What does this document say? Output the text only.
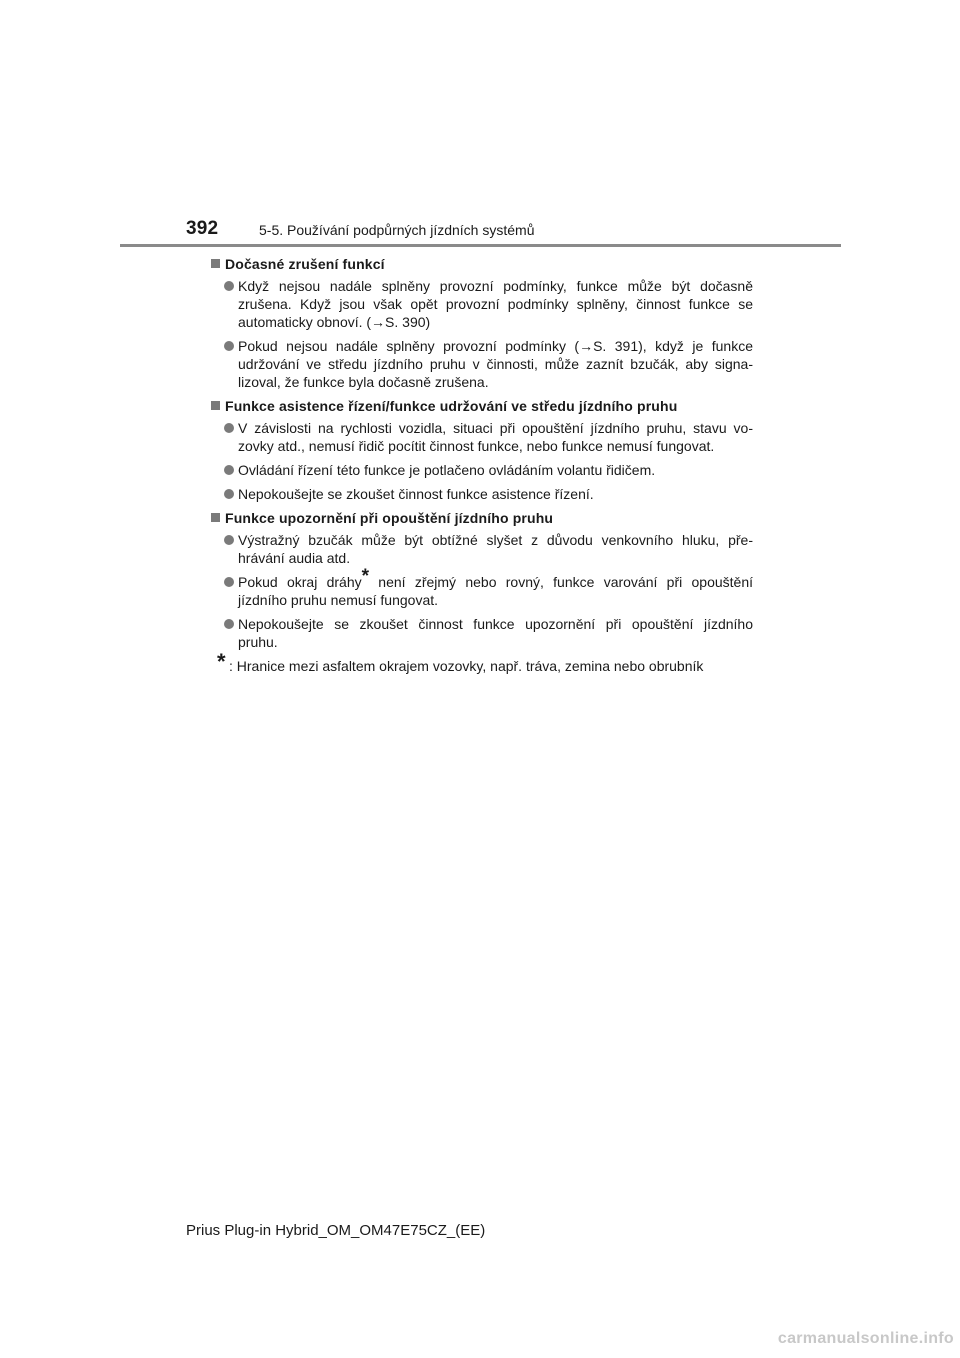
392	5-5. Používání podpůrných jízdních systémů
Dočasné zrušení funkcí
Když nejsou nadále splněny provozní podmínky, funkce může být dočasně
zrušena. Když jsou však opět provozní podmínky splněny, činnost funkce se
automaticky obnoví. (→S. 390)
Pokud nejsou nadále splněny provozní podmínky (→S. 391), když je funkce
udržování ve středu jízdního pruhu v činnosti, může zaznít bzučák, aby signa-
lizoval, že funkce byla dočasně zrušena.
Funkce asistence řízení/funkce udržování ve středu jízdního pruhu
V závislosti na rychlosti vozidla, situaci při opouštění jízdního pruhu, stavu vo-
zovky atd., nemusí řidič pocítit činnost funkce, nebo funkce nemusí fungovat.
Ovládání řízení této funkce je potlačeno ovládáním volantu řidičem.
Nepokoušejte se zkoušet činnost funkce asistence řízení.
Funkce upozornění při opouštění jízdního pruhu
Výstražný bzučák může být obtížné slyšet z důvodu venkovního hluku, pře-
hrávání audia atd.
Pokud okraj dráhy* není zřejmý nebo rovný, funkce varování při opouštění
jízdního pruhu nemusí fungovat.
Nepokoušejte se zkoušet činnost funkce upozornění při opouštění jízdního
pruhu.
* : Hranice mezi asfaltem okrajem vozovky, např. tráva, zemina nebo obrubník
Prius Plug-in Hybrid_OM_OM47E75CZ_(EE)
carmanualsonline.info
